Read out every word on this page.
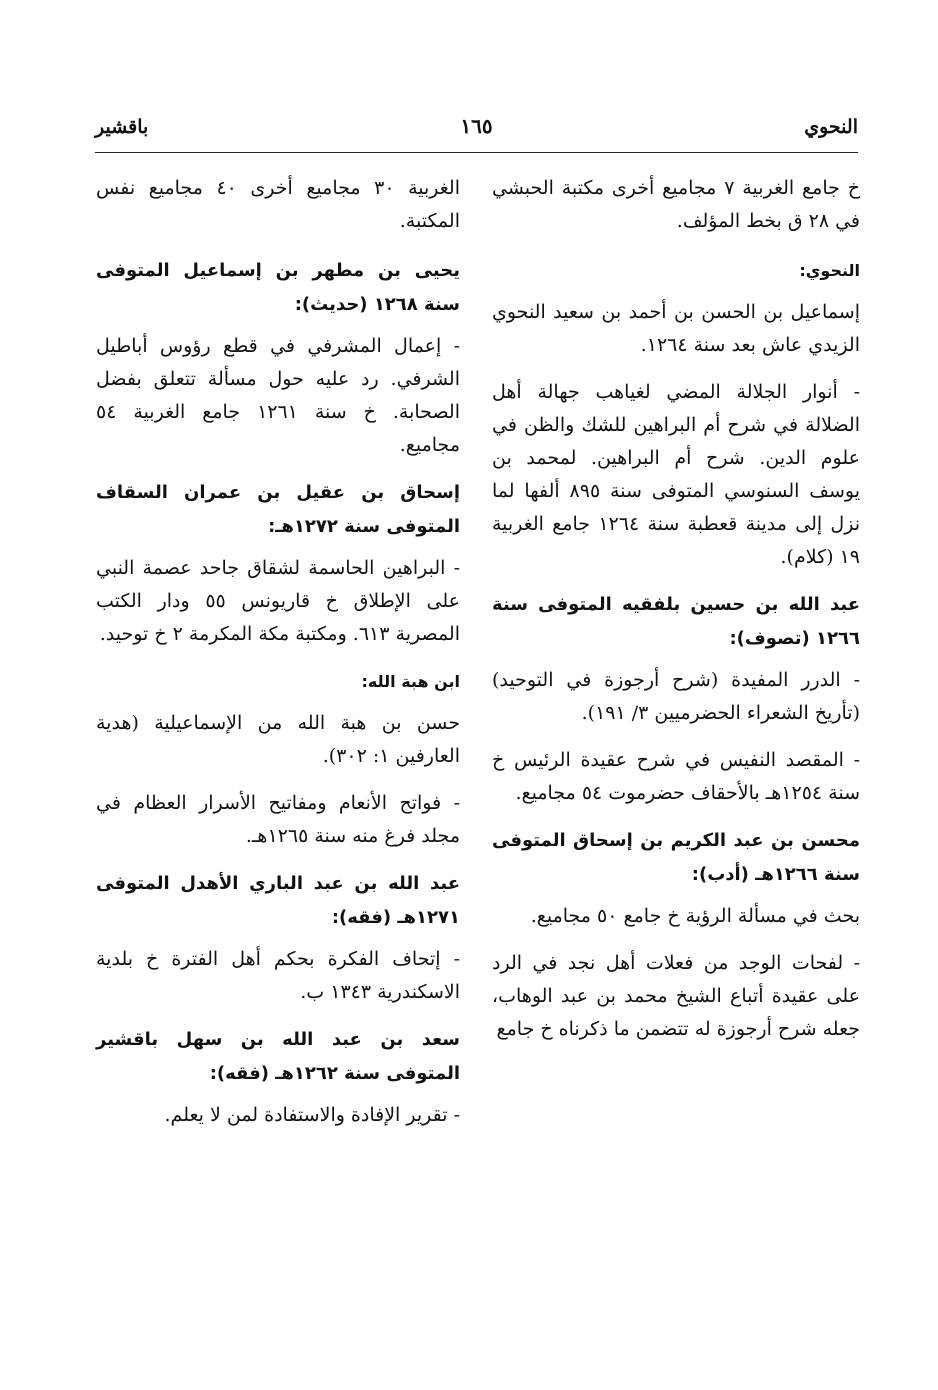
النحوي
١٦٥
باقشير

خ جامع الغربية ٧ مجاميع أخرى مكتبة الحبشي في ٢٨ ق بخط المؤلف.

النحوي:

إسماعيل بن الحسن بن أحمد بن سعيد النحوي الزيدي عاش بعد سنة ١٢٦٤.

- أنوار الجلالة المضي لغياهب جهالة أهل الضلالة في شرح أم البراهين للشك والظن في علوم الدين. شرح أم البراهين. لمحمد بن يوسف السنوسي المتوفى سنة ٨٩٥ ألفها لما نزل إلى مدينة قعطبة سنة ١٢٦٤ جامع الغربية ١٩ (كلام).

عبد الله بن حسين بلفقيه المتوفى سنة ١٢٦٦ (تصوف):

- الدرر المفيدة (شرح أرجوزة في التوحيد) (تأريخ الشعراء الحضرميين ٣/ ١٩١).

- المقصد النفيس في شرح عقيدة الرئيس خ سنة ١٢٥٤هـ بالأحقاف حضرموت ٥٤ مجاميع.

محسن بن عبد الكريم بن إسحاق المتوفى سنة ١٢٦٦هـ (أدب):

بحث في مسألة الرؤية خ جامع ٥٠ مجاميع.

- لفحات الوجد من فعلات أهل نجد في الرد على عقيدة أتباع الشيخ محمد بن عبد الوهاب، جعله شرح أرجوزة له تتضمن ما ذكرناه خ جامع

الغربية ٣٠ مجاميع أخرى ٤٠ مجاميع نفس المكتبة.

يحيى بن مطهر بن إسماعيل المتوفى سنة ١٢٦٨ (حديث):

- إعمال المشرفي في قطع رؤوس أباطيل الشرفي. رد عليه حول مسألة تتعلق بفضل الصحابة. خ سنة ١٢٦١ جامع الغربية ٥٤ مجاميع.

إسحاق بن عقيل بن عمران السقاف المتوفى سنة ١٢٧٢هـ:

- البراهين الحاسمة لشقاق جاحد عصمة النبي على الإطلاق خ قاريونس ٥٥ ودار الكتب المصرية ٦١٣. ومكتبة مكة المكرمة ٢ خ توحيد.

ابن هبة الله:

حسن بن هبة الله من الإسماعيلية (هدية العارفين ١: ٣٠٢).

- فواتح الأنعام ومفاتيح الأسرار العظام في مجلد فرغ منه سنة ١٢٦٥هـ.

عبد الله بن عبد الباري الأهدل المتوفى ١٢٧١هـ (فقه):

- إتحاف الفكرة بحكم أهل الفترة خ بلدية الاسكندرية ١٣٤٣ ب.

سعد بن عبد الله بن سهل باقشير المتوفى سنة ١٢٦٢هـ (فقه):

- تقرير الإفادة والاستفادة لمن لا يعلم.
